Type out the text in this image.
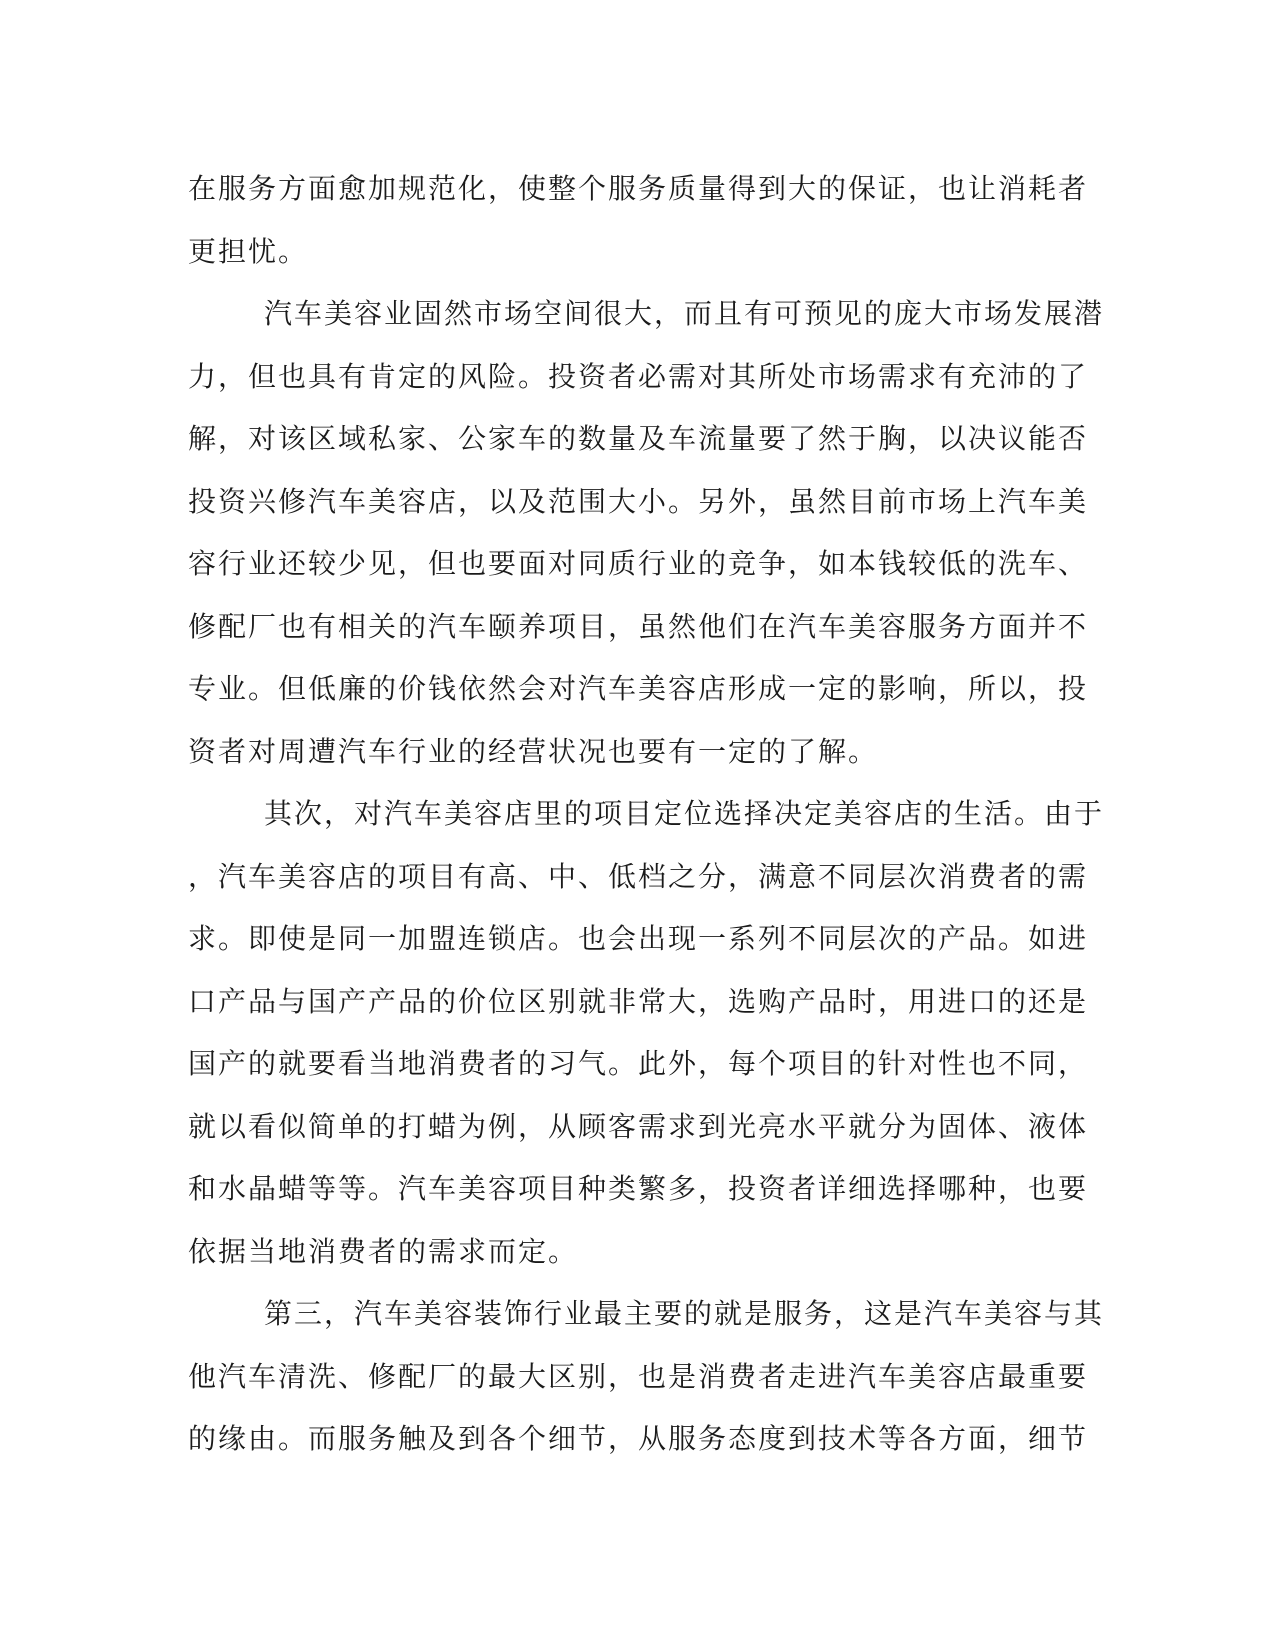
在服务方面愈加规范化，使整个服务质量得到大的保证，也让消耗者
更担忧。
汽车美容业固然市场空间很大，而且有可预见的庞大市场发展潜
力，但也具有肯定的风险。投资者必需对其所处市场需求有充沛的了
解，对该区域私家、公家车的数量及车流量要了然于胸，以决议能否
投资兴修汽车美容店，以及范围大小。另外，虽然目前市场上汽车美
容行业还较少见，但也要面对同质行业的竞争，如本钱较低的洗车、
修配厂也有相关的汽车颐养项目，虽然他们在汽车美容服务方面并不
专业。但低廉的价钱依然会对汽车美容店形成一定的影响，所以，投
资者对周遭汽车行业的经营状况也要有一定的了解。
其次，对汽车美容店里的项目定位选择决定美容店的生活。由于
，汽车美容店的项目有高、中、低档之分，满意不同层次消费者的需
求。即使是同一加盟连锁店。也会出现一系列不同层次的产品。如进
口产品与国产产品的价位区别就非常大，选购产品时，用进口的还是
国产的就要看当地消费者的习气。此外，每个项目的针对性也不同，
就以看似简单的打蜡为例，从顾客需求到光亮水平就分为固体、液体
和水晶蜡等等。汽车美容项目种类繁多，投资者详细选择哪种，也要
依据当地消费者的需求而定。
第三，汽车美容装饰行业最主要的就是服务，这是汽车美容与其
他汽车清洗、修配厂的最大区别，也是消费者走进汽车美容店最重要
的缘由。而服务触及到各个细节，从服务态度到技术等各方面，细节
